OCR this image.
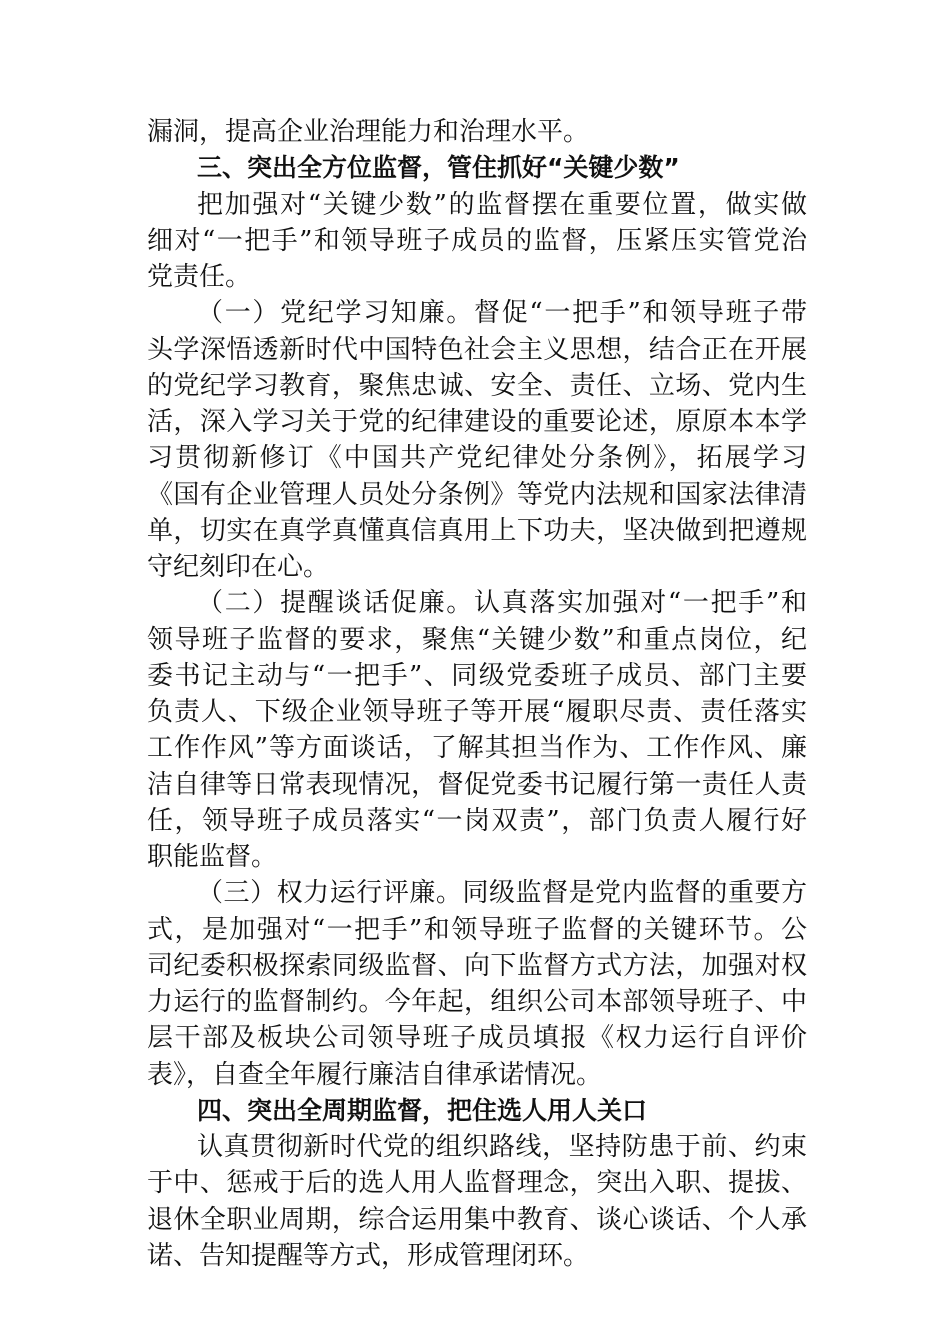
漏洞，提高企业治理能力和治理水平。
三、突出全方位监督，管住抓好“关键少数”
把加强对“关键少数”的监督摆在重要位置，做实做
细对“一把手”和领导班子成员的监督，压紧压实管党治
党责任。
（一）党纪学习知廉。督促“一把手”和领导班子带
头学深悟透新时代中国特色社会主义思想，结合正在开展
的党纪学习教育，聚焦忠诚、安全、责任、立场、党内生
活，深入学习关于党的纪律建设的重要论述，原原本本学
习贯彻新修订《中国共产党纪律处分条例》，拓展学习
《国有企业管理人员处分条例》等党内法规和国家法律清
单，切实在真学真懂真信真用上下功夫，坚决做到把遵规
守纪刻印在心。
（二）提醒谈话促廉。认真落实加强对“一把手”和
领导班子监督的要求，聚焦“关键少数”和重点岗位，纪
委书记主动与“一把手”、同级党委班子成员、部门主要
负责人、下级企业领导班子等开展“履职尽责、责任落实
工作作风”等方面谈话，了解其担当作为、工作作风、廉
洁自律等日常表现情况，督促党委书记履行第一责任人责
任，领导班子成员落实“一岗双责”，部门负责人履行好
职能监督。
（三）权力运行评廉。同级监督是党内监督的重要方
式，是加强对“一把手”和领导班子监督的关键环节。公
司纪委积极探索同级监督、向下监督方式方法，加强对权
力运行的监督制约。今年起，组织公司本部领导班子、中
层干部及板块公司领导班子成员填报《权力运行自评价
表》，自查全年履行廉洁自律承诺情况。
四、突出全周期监督，把住选人用人关口
认真贯彻新时代党的组织路线，坚持防患于前、约束
于中、惩戒于后的选人用人监督理念，突出入职、提拔、
退休全职业周期，综合运用集中教育、谈心谈话、个人承
诺、告知提醒等方式，形成管理闭环。
